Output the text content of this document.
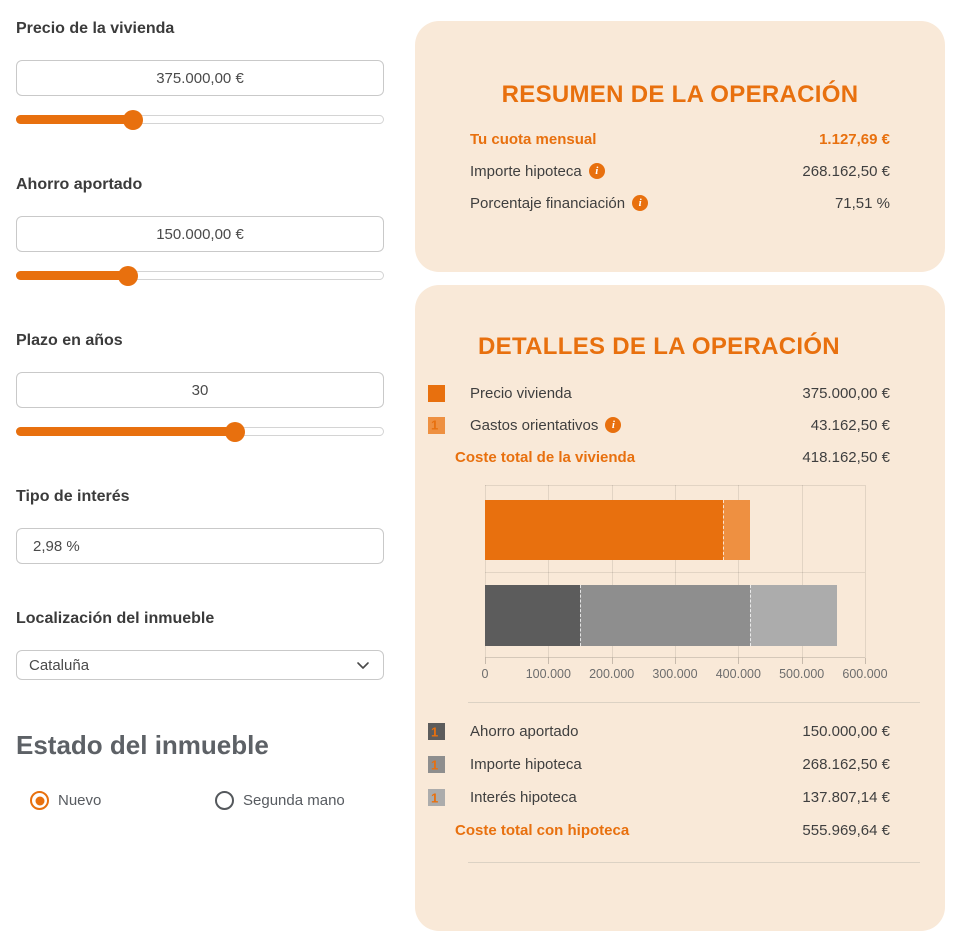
Precio de la vivienda
375.000,00 €
Ahorro aportado
150.000,00 €
Plazo en años
30
Tipo de interés
2,98 %
Localización del inmueble
Cataluña
Estado del inmueble
Nuevo	Segunda mano
RESUMEN DE LA OPERACIÓN
Tu cuota mensual	1.127,69 €
Importe hipoteca	i	268.162,50 €
Porcentaje financiación	i	71,51 %
DETALLES DE LA OPERACIÓN
Precio vivienda	375.000,00 €
1 Gastos orientativos	i	43.162,50 €
Coste total de la vivienda	418.162,50 €
0	100.000 200.000 300.000 400.000 500.000 600.000
1 Ahorro aportado	150.000,00 €
1 Importe hipoteca	268.162,50 €
1 Interés hipoteca	137.807,14 €
Coste total con hipoteca	555.969,64 €
